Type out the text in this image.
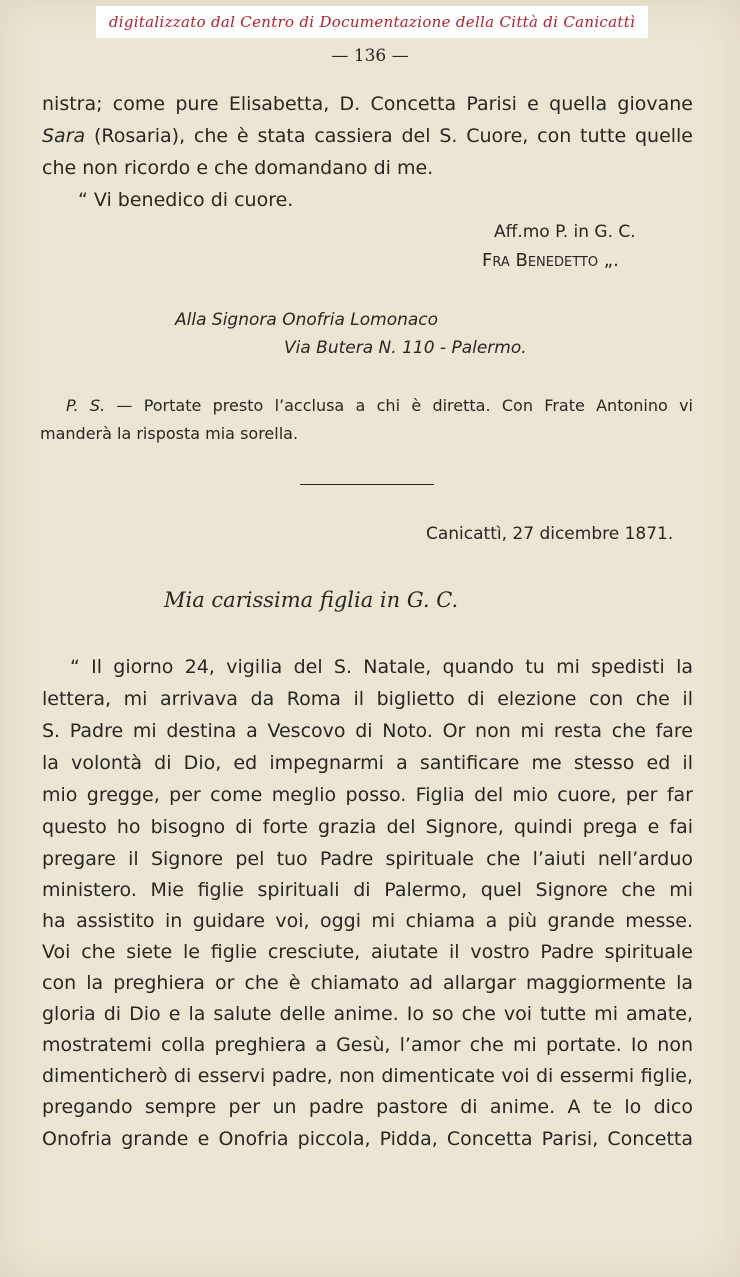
digitalizzato dal Centro di Documentazione della Città di Canicattì
— 136 —
nistra; come pure Elisabetta, D. Concetta Parisi e quella giovane
Sara (Rosaria), che è stata cassiera del S. Cuore, con tutte quelle
che non ricordo e che domandano di me.
“ Vi benedico di cuore.
Aff.mo P. in G. C.
Fra Benedetto „.
Alla Signora Onofria Lomonaco
Via Butera N. 110 - Palermo.
P. S. — Portate presto l’acclusa a chi è diretta. Con Frate Antonino vi
manderà la risposta mia sorella.
Canicattì, 27 dicembre 1871.
Mia carissima figlia in G. C.
“ Il giorno 24, vigilia del S. Natale, quando tu mi spedisti la
lettera, mi arrivava da Roma il biglietto di elezione con che il
S. Padre mi destina a Vescovo di Noto. Or non mi resta che fare
la volontà di Dio, ed impegnarmi a santificare me stesso ed il
mio gregge, per come meglio posso. Figlia del mio cuore, per far
questo ho bisogno di forte grazia del Signore, quindi prega e fai
pregare il Signore pel tuo Padre spirituale che l’aiuti nell’arduo
ministero. Mie figlie spirituali di Palermo, quel Signore che mi
ha assistito in guidare voi, oggi mi chiama a più grande messe.
Voi che siete le figlie cresciute, aiutate il vostro Padre spirituale
con la preghiera or che è chiamato ad allargar maggiormente la
gloria di Dio e la salute delle anime. Io so che voi tutte mi amate,
mostratemi colla preghiera a Gesù, l’amor che mi portate. Io non
dimenticherò di esservi padre, non dimenticate voi di essermi figlie,
pregando sempre per un padre pastore di anime. A te lo dico
Onofria grande e Onofria piccola, Pidda, Concetta Parisi, Concetta
